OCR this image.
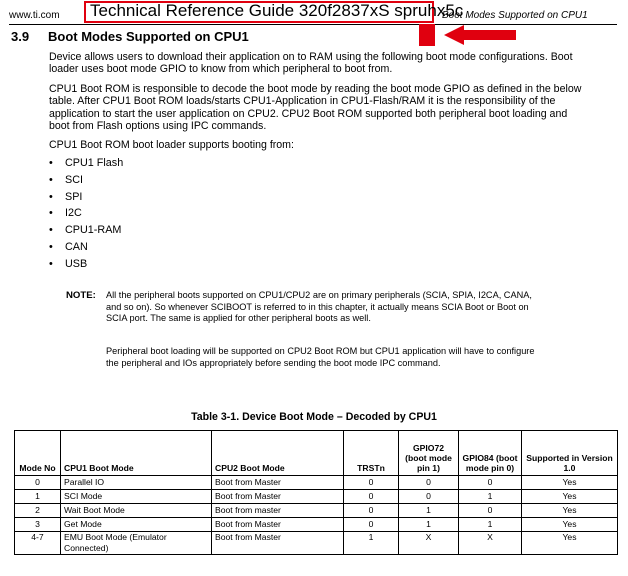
www.ti.com	Boot Modes Supported on CPU1
Technical Reference Guide 320f2837xS spruhx5c
3.9 Boot Modes Supported on CPU1
Device allows users to download their application on to RAM using the following boot mode configurations. Boot loader uses boot mode GPIO to know from which peripheral to boot from.
CPU1 Boot ROM is responsible to decode the boot mode by reading the boot mode GPIO as defined in the below table. After CPU1 Boot ROM loads/starts CPU1-Application in CPU1-Flash/RAM it is the responsibility of the application to start the user application on CPU2. CPU2 Boot ROM supported both peripheral boot loading and boot from Flash options using IPC commands.
CPU1 Boot ROM boot loader supports booting from:
• CPU1 Flash
• SCI
• SPI
• I2C
• CPU1-RAM
• CAN
• USB
NOTE: All the peripheral boots supported on CPU1/CPU2 are on primary peripherals (SCIA, SPIA, I2CA, CANA, and so on). So whenever SCIBOOT is referred to in this chapter, it actually means SCIA Boot or Boot on SCIA port. The same is applied for other peripheral boots as well.
Peripheral boot loading will be supported on CPU2 Boot ROM but CPU1 application will have to configure the peripheral and IOs appropriately before sending the boot mode IPC command.
Table 3-1. Device Boot Mode – Decoded by CPU1
Mode No	CPU1 Boot Mode	CPU2 Boot Mode	TRSTn	GPIO72 (boot mode pin 1)	GPIO84 (boot mode pin 0)	Supported in Version 1.0
0	Parallel IO	Boot from Master	0	0	0	Yes
1	SCI Mode	Boot from Master	0	0	1	Yes
2	Wait Boot Mode	Boot from master	0	1	0	Yes
3	Get Mode	Boot from Master	0	1	1	Yes
4-7	EMU Boot Mode (Emulator Connected)	Boot from Master	1	X	X	Yes
